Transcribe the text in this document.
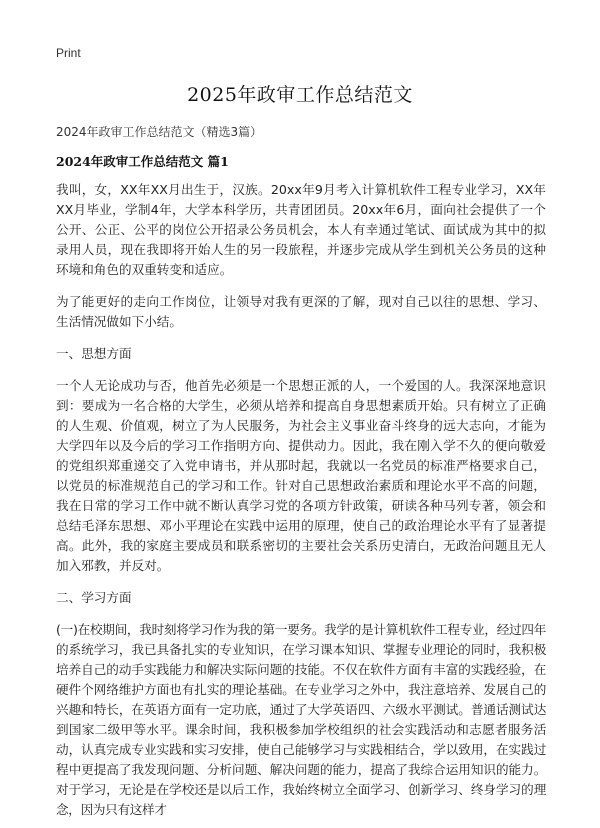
Print
2025年政审工作总结范文
2024年政审工作总结范文（精选3篇）
2024年政审工作总结范文 篇1

我叫，女，XX年XX月出生于，汉族。20xx年9月考入计算机软件工程专业学习，XX年XX月毕业，学制4年，大学本科学历，共青团团员。20xx年6月，面向社会提供了一个公开、公正、公平的岗位公开招录公务员机会，本人有幸通过笔试、面试成为其中的拟录用人员，现在我即将开始人生的另一段旅程，并逐步完成从学生到机关公务员的这种环境和角色的双重转变和适应。

为了能更好的走向工作岗位，让领导对我有更深的了解，现对自己以往的思想、学习、生活情况做如下小结。

一、思想方面

一个人无论成功与否，他首先必须是一个思想正派的人，一个爱国的人。我深深地意识到：要成为一名合格的大学生，必须从培养和提高自身思想素质开始。只有树立了正确的人生观、价值观，树立了为人民服务，为社会主义事业奋斗终身的远大志向，才能为大学四年以及今后的学习工作指明方向、提供动力。因此，我在刚入学不久的便向敬爱的党组织郑重递交了入党申请书，并从那时起，我就以一名党员的标准严格要求自己，以党员的标准规范自己的学习和工作。针对自己思想政治素质和理论水平不高的问题，我在日常的学习工作中就不断认真学习党的各项方针政策，研读各种马列专著，领会和总结毛泽东思想、邓小平理论在实践中运用的原理，使自己的政治理论水平有了显著提高。此外，我的家庭主要成员和联系密切的主要社会关系历史清白，无政治问题且无人加入邪教，并反对。

二、学习方面

(一)在校期间，我时刻将学习作为我的第一要务。我学的是计算机软件工程专业，经过四年的系统学习，我已具备扎实的专业知识，在学习课本知识、掌握专业理论的同时，我积极培养自己的动手实践能力和解决实际问题的技能。不仅在软件方面有丰富的实践经验，在硬件个网络维护方面也有扎实的理论基础。在专业学习之外中，我注意培养、发展自己的兴趣和特长，在英语方面有一定功底，通过了大学英语四、六级水平测试。普通话测试达到国家二级甲等水平。课余时间，我积极参加学校组织的社会实践活动和志愿者服务活动，认真完成专业实践和实习安排，使自己能够学习与实践相结合，学以致用，在实践过程中更提高了我发现问题、分析问题、解决问题的能力，提高了我综合运用知识的能力。对于学习，无论是在学校还是以后工作，我始终树立全面学习、创新学习、终身学习的理念，因为只有这样才
